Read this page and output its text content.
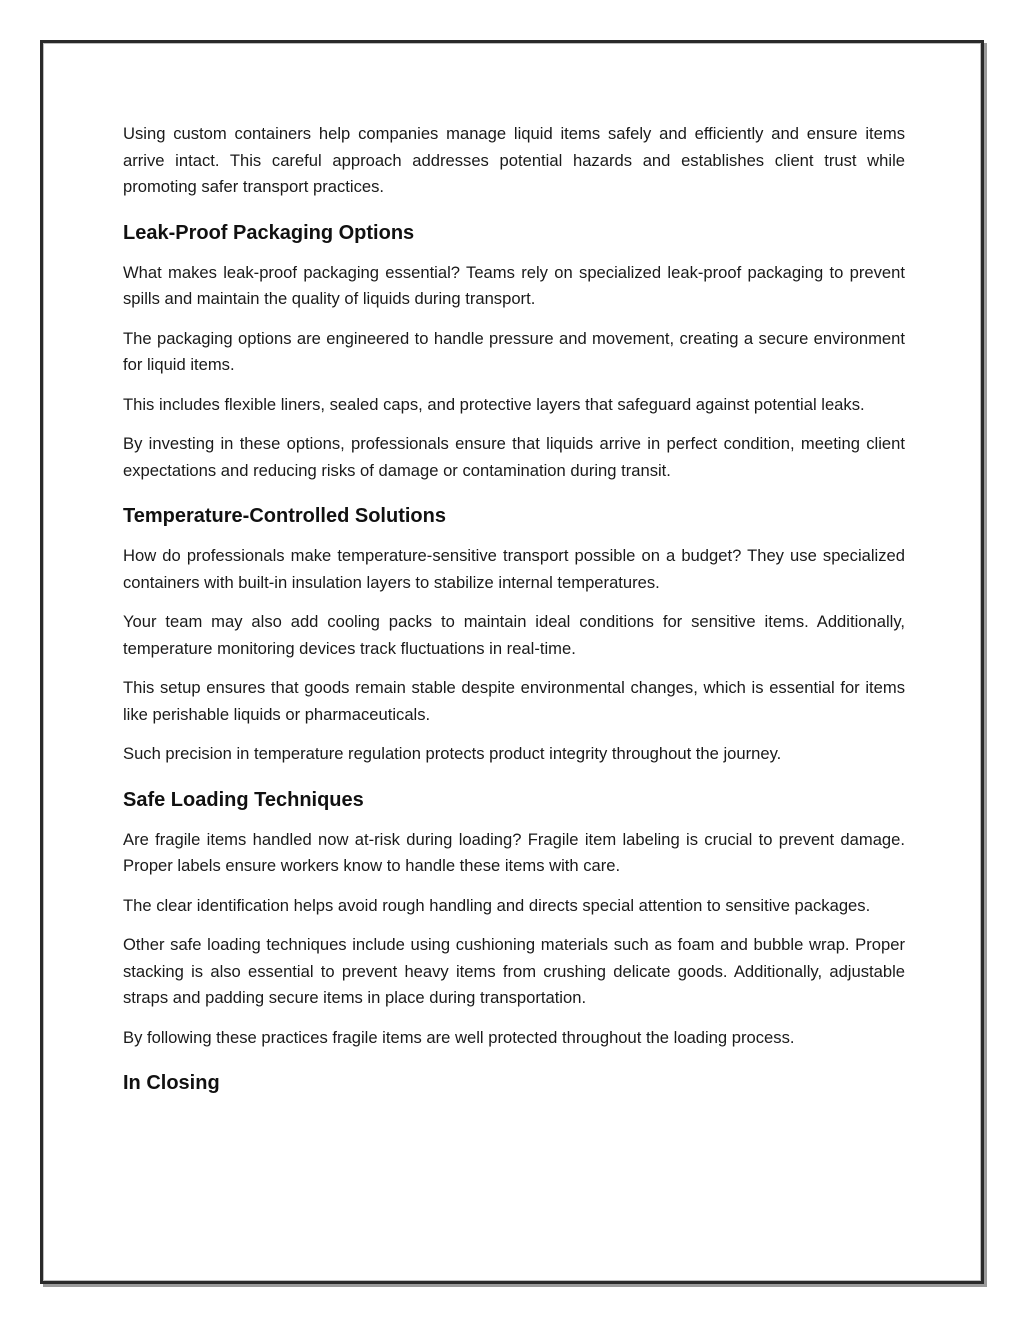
Using custom containers help companies manage liquid items safely and efficiently and ensure items arrive intact. This careful approach addresses potential hazards and establishes client trust while promoting safer transport practices.

Leak-Proof Packaging Options

What makes leak-proof packaging essential? Teams rely on specialized leak-proof packaging to prevent spills and maintain the quality of liquids during transport.

The packaging options are engineered to handle pressure and movement, creating a secure environment for liquid items.

This includes flexible liners, sealed caps, and protective layers that safeguard against potential leaks.

By investing in these options, professionals ensure that liquids arrive in perfect condition, meeting client expectations and reducing risks of damage or contamination during transit.

Temperature-Controlled Solutions

How do professionals make temperature-sensitive transport possible on a budget? They use specialized containers with built-in insulation layers to stabilize internal temperatures.

Your team may also add cooling packs to maintain ideal conditions for sensitive items. Additionally, temperature monitoring devices track fluctuations in real-time.

This setup ensures that goods remain stable despite environmental changes, which is essential for items like perishable liquids or pharmaceuticals.

Such precision in temperature regulation protects product integrity throughout the journey.

Safe Loading Techniques

Are fragile items handled now at-risk during loading? Fragile item labeling is crucial to prevent damage. Proper labels ensure workers know to handle these items with care.

The clear identification helps avoid rough handling and directs special attention to sensitive packages.

Other safe loading techniques include using cushioning materials such as foam and bubble wrap. Proper stacking is also essential to prevent heavy items from crushing delicate goods. Additionally, adjustable straps and padding secure items in place during transportation.

By following these practices fragile items are well protected throughout the loading process.

In Closing
